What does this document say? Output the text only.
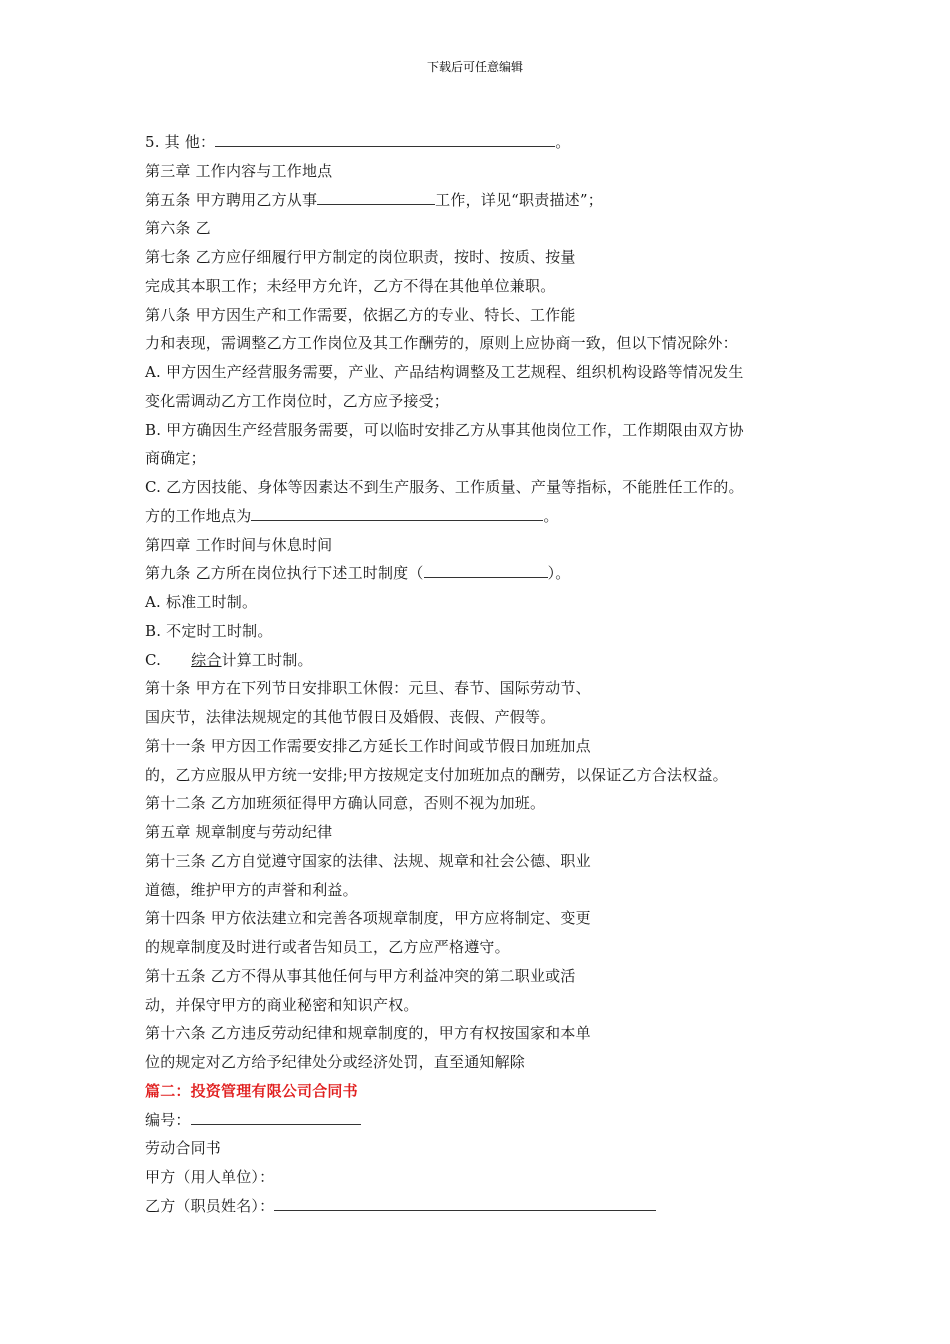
下载后可任意编辑
5. 其 他：	。
第三章 工作内容与工作地点
第五条 甲方聘用乙方从事	工作，详见“职责描述”；
第六条 乙
第七条 乙方应仔细履行甲方制定的岗位职责，按时、按质、按量
完成其本职工作；未经甲方允许，乙方不得在其他单位兼职。
第八条 甲方因生产和工作需要，依据乙方的专业、特长、工作能
力和表现，需调整乙方工作岗位及其工作酬劳的，原则上应协商一致，但以下情况除外：
A. 甲方因生产经营服务需要，产业、产品结构调整及工艺规程、组织机构设路等情况发生
变化需调动乙方工作岗位时，乙方应予接受；
B. 甲方确因生产经营服务需要，可以临时安排乙方从事其他岗位工作，工作期限由双方协
商确定；
C. 乙方因技能、身体等因素达不到生产服务、工作质量、产量等指标，不能胜任工作的。
方的工作地点为	。
第四章 工作时间与休息时间
第九条 乙方所在岗位执行下述工时制度（	）。
A. 标准工时制。
B. 不定时工时制。
C. 综合计算工时制。
第十条 甲方在下列节日安排职工休假：元旦、春节、国际劳动节、
国庆节，法律法规规定的其他节假日及婚假、丧假、产假等。
第十一条 甲方因工作需要安排乙方延长工作时间或节假日加班加点
的，乙方应服从甲方统一安排;甲方按规定支付加班加点的酬劳，以保证乙方合法权益。
第十二条 乙方加班须征得甲方确认同意，否则不视为加班。
第五章 规章制度与劳动纪律
第十三条 乙方自觉遵守国家的法律、法规、规章和社会公德、职业
道德，维护甲方的声誉和利益。
第十四条 甲方依法建立和完善各项规章制度，甲方应将制定、变更
的规章制度及时进行或者告知员工，乙方应严格遵守。
第十五条 乙方不得从事其他任何与甲方利益冲突的第二职业或活
动，并保守甲方的商业秘密和知识产权。
第十六条 乙方违反劳动纪律和规章制度的，甲方有权按国家和本单
位的规定对乙方给予纪律处分或经济处罚，直至通知解除
篇二：投资管理有限公司合同书
编号：
劳动合同书
甲方（用人单位）：
乙方（职员姓名）：
